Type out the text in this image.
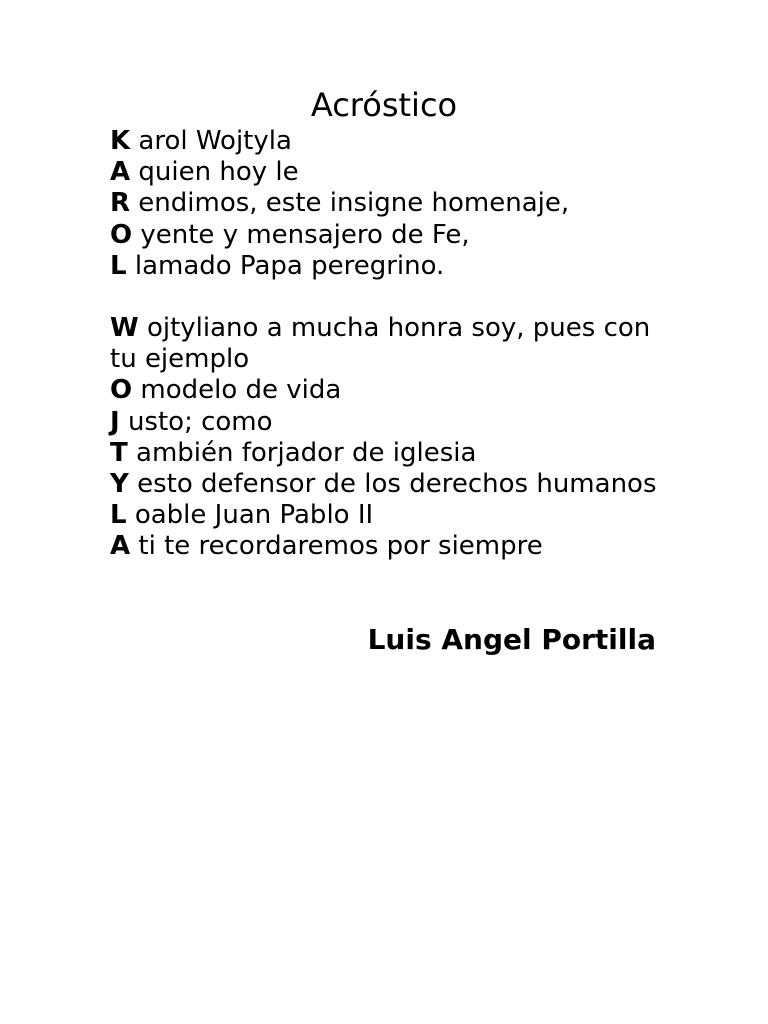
Acróstico
K arol Wojtyla
A quien hoy le
R endimos, este insigne homenaje,
O yente y mensajero de Fe,
L lamado Papa peregrino.
W ojtyliano a mucha honra soy, pues con tu ejemplo
O modelo de vida
J usto; como
T ambién forjador de iglesia
Y esto defensor de los derechos humanos
L oable Juan Pablo II
A ti te recordaremos por siempre
Luis Angel Portilla
